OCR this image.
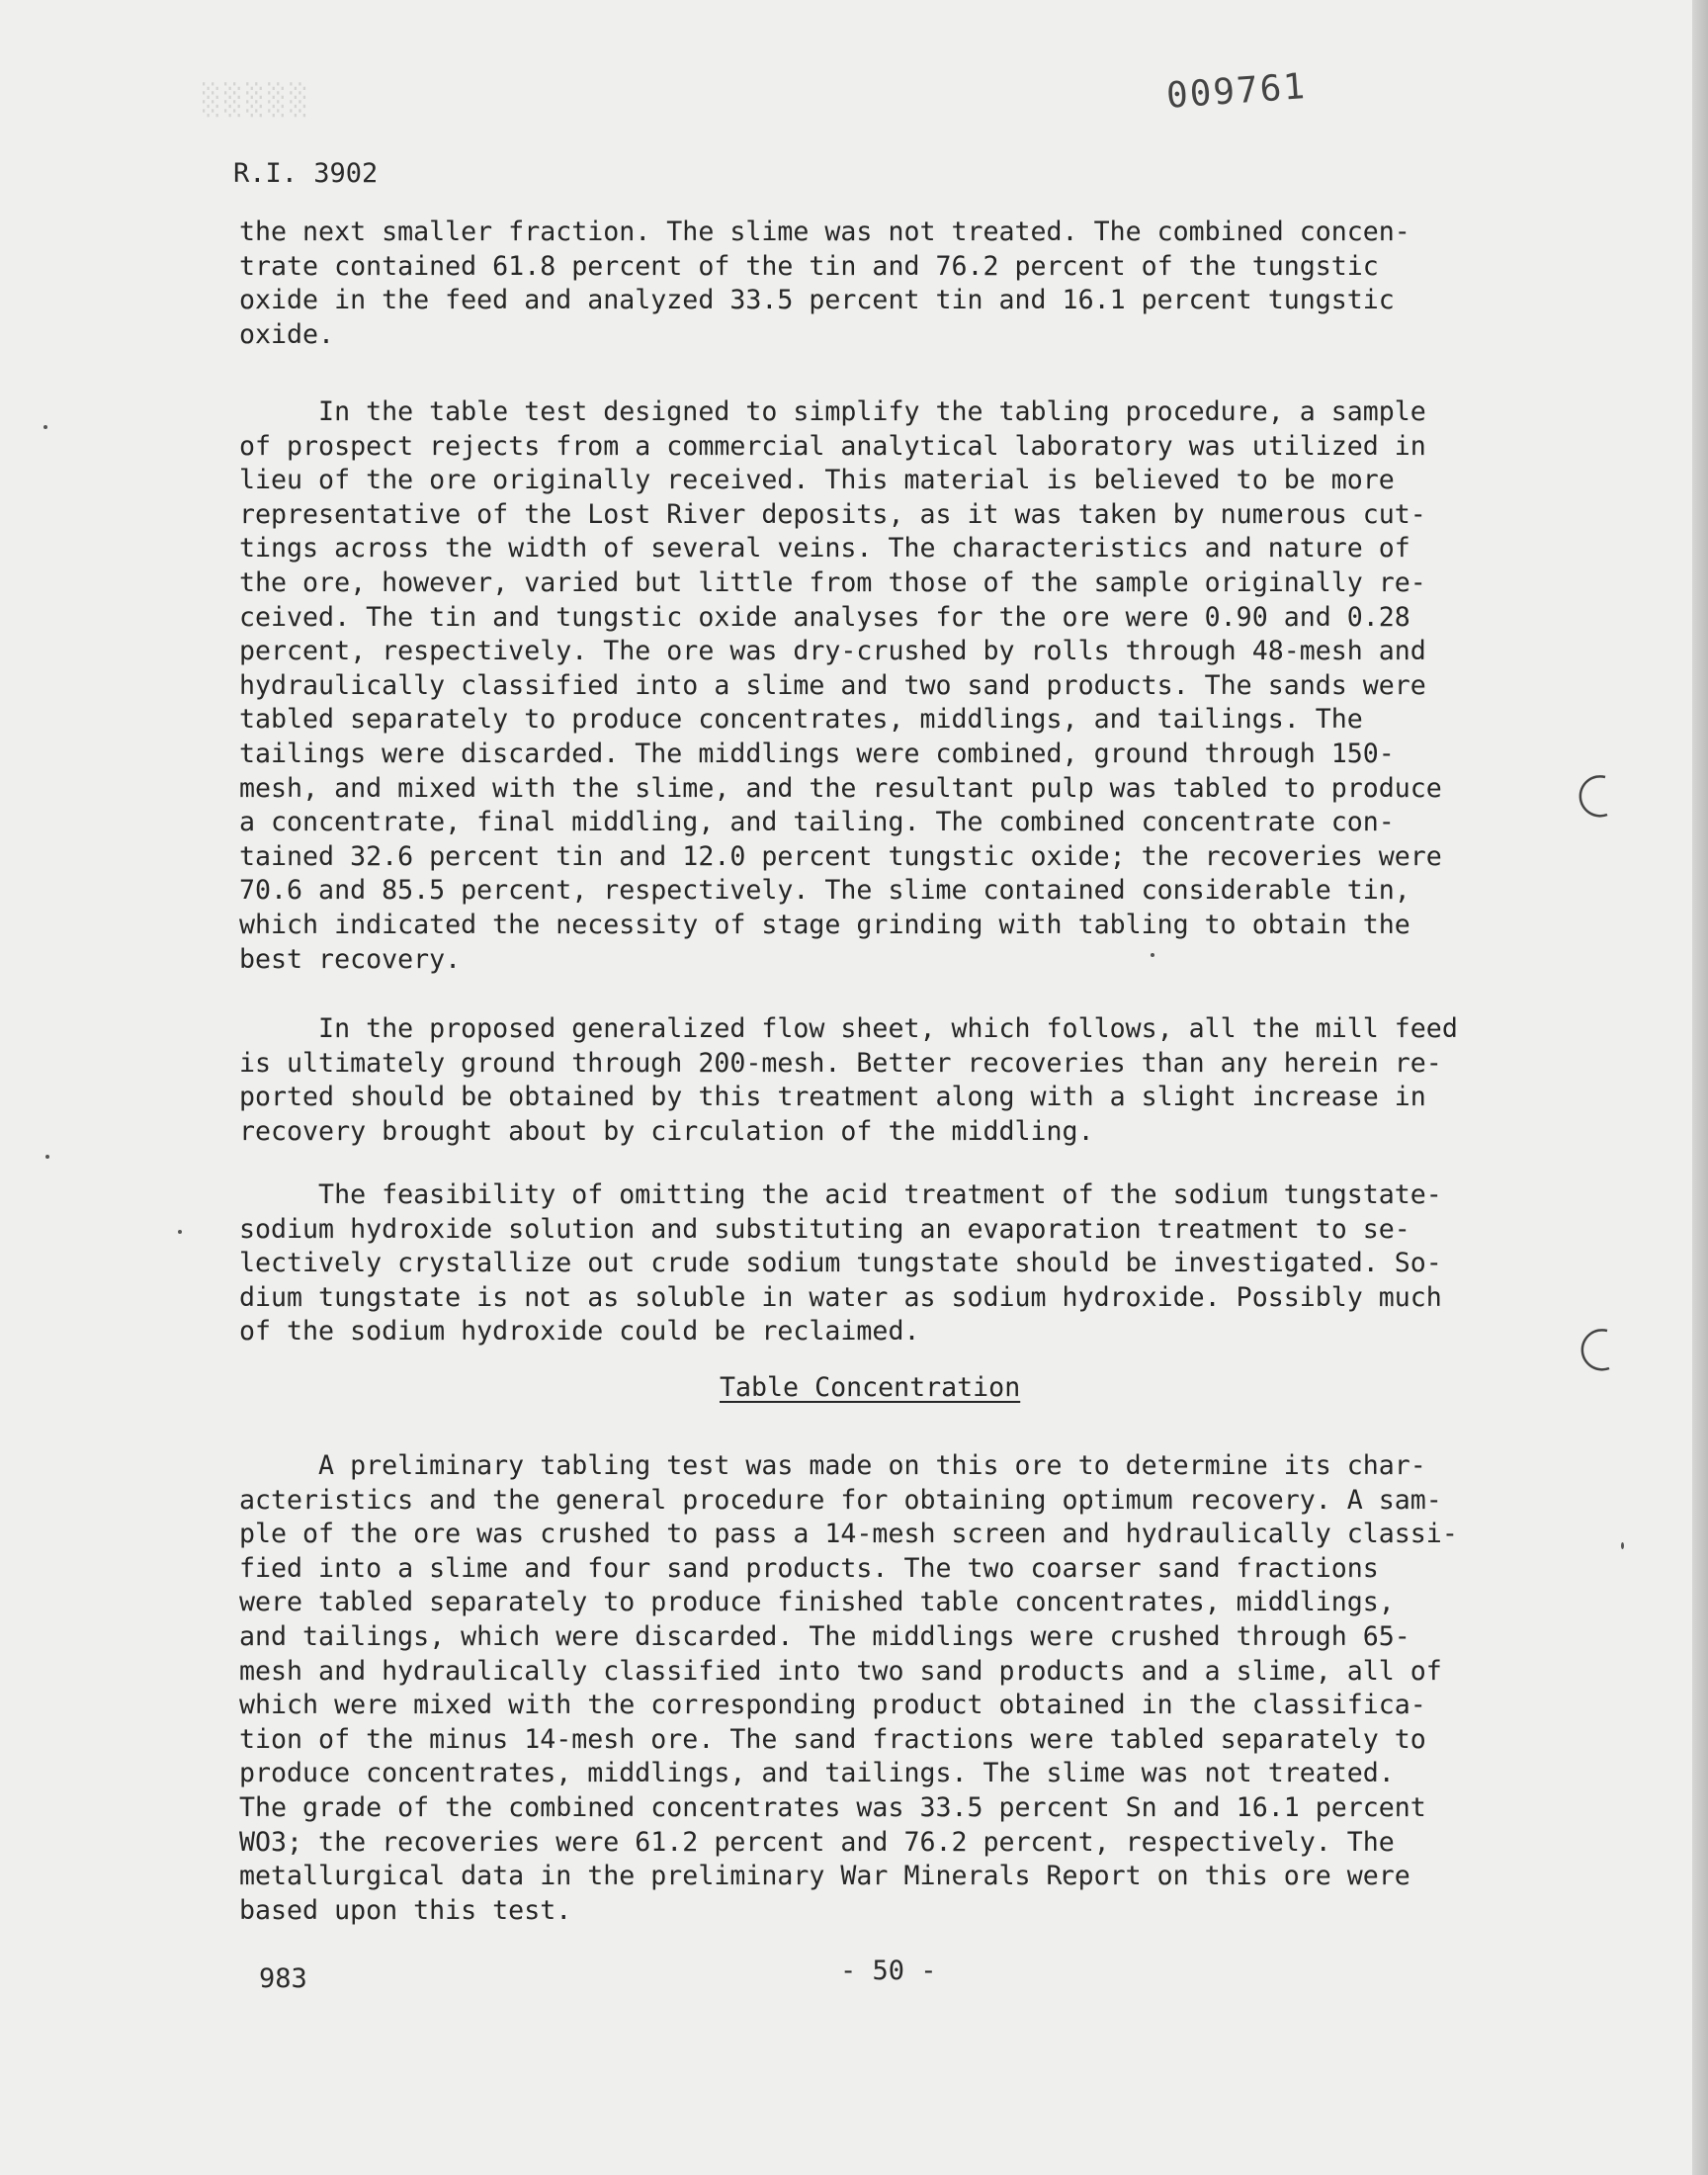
░░░░░	009761
R.I. 3902

the next smaller fraction. The slime was not treated. The combined concen-
trate contained 61.8 percent of the tin and 76.2 percent of the tungstic
oxide in the feed and analyzed 33.5 percent tin and 16.1 percent tungstic
oxide.

In the table test designed to simplify the tabling procedure, a sample
of prospect rejects from a commercial analytical laboratory was utilized in
lieu of the ore originally received. This material is believed to be more
representative of the Lost River deposits, as it was taken by numerous cut-
tings across the width of several veins. The characteristics and nature of
the ore, however, varied but little from those of the sample originally re-
ceived. The tin and tungstic oxide analyses for the ore were 0.90 and 0.28
percent, respectively. The ore was dry-crushed by rolls through 48-mesh and
hydraulically classified into a slime and two sand products. The sands were
tabled separately to produce concentrates, middlings, and tailings. The
tailings were discarded. The middlings were combined, ground through 150-
mesh, and mixed with the slime, and the resultant pulp was tabled to produce
a concentrate, final middling, and tailing. The combined concentrate con-
tained 32.6 percent tin and 12.0 percent tungstic oxide; the recoveries were
70.6 and 85.5 percent, respectively. The slime contained considerable tin,
which indicated the necessity of stage grinding with tabling to obtain the
best recovery.

In the proposed generalized flow sheet, which follows, all the mill feed
is ultimately ground through 200-mesh. Better recoveries than any herein re-
ported should be obtained by this treatment along with a slight increase in
recovery brought about by circulation of the middling.

The feasibility of omitting the acid treatment of the sodium tungstate-
sodium hydroxide solution and substituting an evaporation treatment to se-
lectively crystallize out crude sodium tungstate should be investigated. So-
dium tungstate is not as soluble in water as sodium hydroxide. Possibly much
of the sodium hydroxide could be reclaimed.

Table Concentration

A preliminary tabling test was made on this ore to determine its char-
acteristics and the general procedure for obtaining optimum recovery. A sam-
ple of the ore was crushed to pass a 14-mesh screen and hydraulically classi-
fied into a slime and four sand products. The two coarser sand fractions
were tabled separately to produce finished table concentrates, middlings,
and tailings, which were discarded. The middlings were crushed through 65-
mesh and hydraulically classified into two sand products and a slime, all of
which were mixed with the corresponding product obtained in the classifica-
tion of the minus 14-mesh ore. The sand fractions were tabled separately to
produce concentrates, middlings, and tailings. The slime was not treated.
The grade of the combined concentrates was 33.5 percent Sn and 16.1 percent
WO3; the recoveries were 61.2 percent and 76.2 percent, respectively. The
metallurgical data in the preliminary War Minerals Report on this ore were
based upon this test.

983	- 50 -
